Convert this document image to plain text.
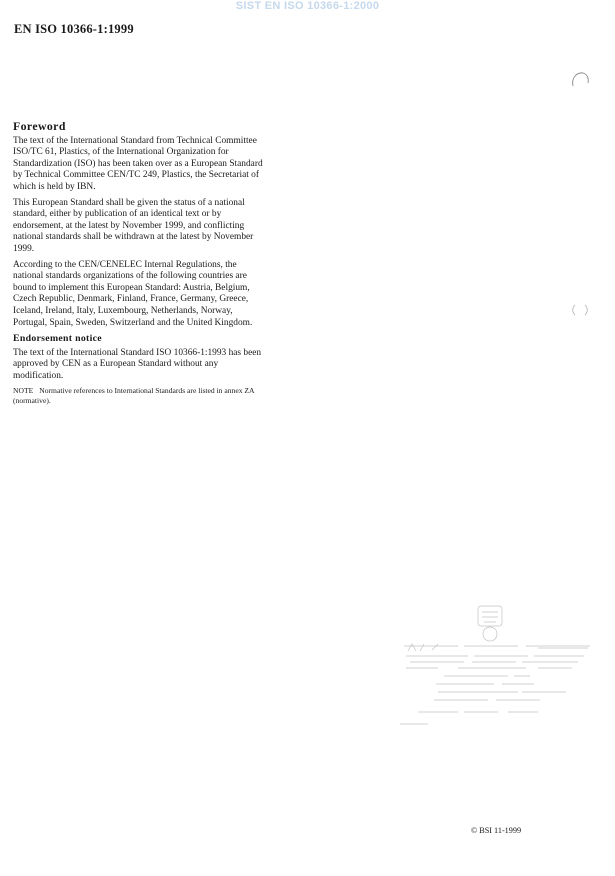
SIST EN ISO 10366-1:2000
EN ISO 10366-1:1999
Foreword

The text of the International Standard from Technical Committee ISO/TC 61, Plastics, of the International Organization for Standardization (ISO) has been taken over as a European Standard by Technical Committee CEN/TC 249, Plastics, the Secretariat of which is held by IBN.

This European Standard shall be given the status of a national standard, either by publication of an identical text or by endorsement, at the latest by November 1999, and conflicting national standards shall be withdrawn at the latest by November 1999.

According to the CEN/CENELEC Internal Regulations, the national standards organizations of the following countries are bound to implement this European Standard: Austria, Belgium, Czech Republic, Denmark, Finland, France, Germany, Greece, Iceland, Ireland, Italy, Luxembourg, Netherlands, Norway, Portugal, Spain, Sweden, Switzerland and the United Kingdom.

Endorsement notice

The text of the International Standard ISO 10366-1:1993 has been approved by CEN as a European Standard without any modification.

NOTE Normative references to International Standards are listed in annex ZA (normative).

© BSI 11-1999
